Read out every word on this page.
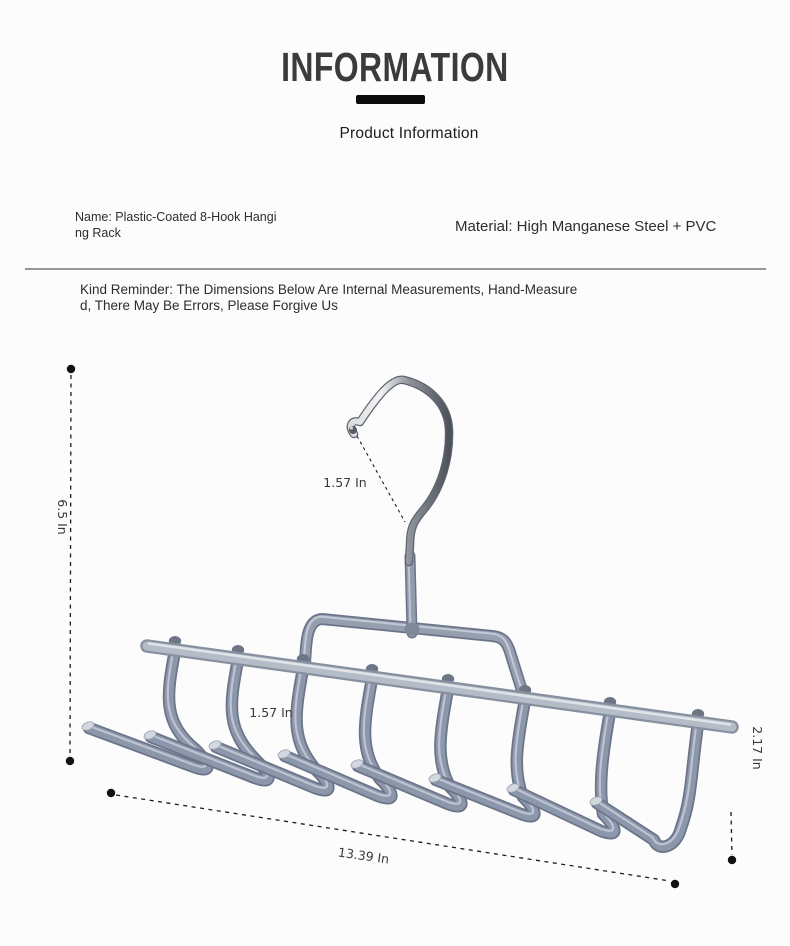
INFORMATION
Product Information
Name: Plastic-Coated 8-Hook Hanging Rack	Material: High Manganese Steel + PVC
Kind Reminder: The Dimensions Below Are Internal Measurements, Hand-Measured, There May Be Errors, Please Forgive Us
6.5 In
1.57 In
1.57 In
2.17 In
13.39 In
